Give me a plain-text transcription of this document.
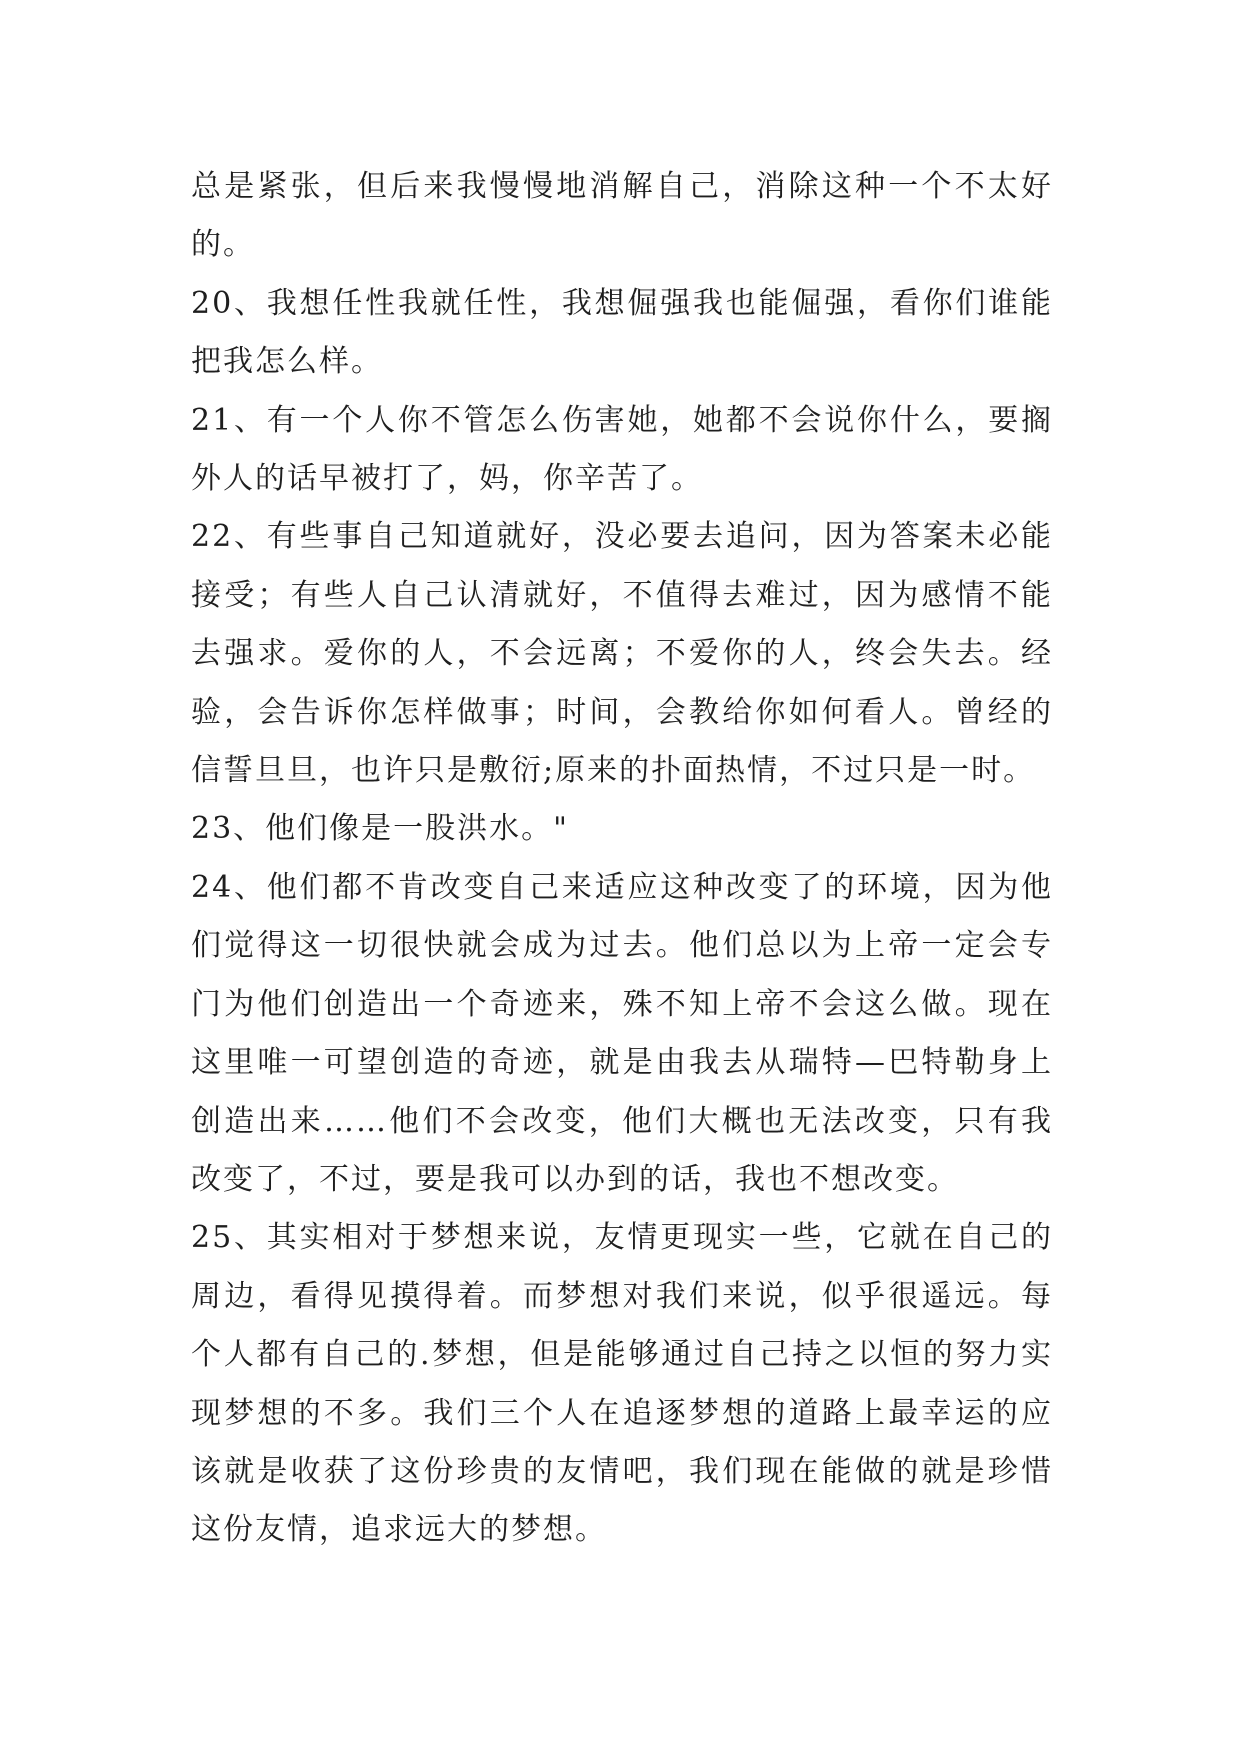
总是紧张，但后来我慢慢地消解自己，消除这种一个不太好的。

20、我想任性我就任性，我想倔强我也能倔强，看你们谁能把我怎么样。

21、有一个人你不管怎么伤害她，她都不会说你什么，要搁外人的话早被打了，妈，你辛苦了。

22、有些事自己知道就好，没必要去追问，因为答案未必能接受；有些人自己认清就好，不值得去难过，因为感情不能去强求。爱你的人，不会远离；不爱你的人，终会失去。经验，会告诉你怎样做事；时间，会教给你如何看人。曾经的信誓旦旦，也许只是敷衍;原来的扑面热情，不过只是一时。

23、他们像是一股洪水。"

24、他们都不肯改变自己来适应这种改变了的环境，因为他们觉得这一切很快就会成为过去。他们总以为上帝一定会专门为他们创造出一个奇迹来，殊不知上帝不会这么做。现在这里唯一可望创造的奇迹，就是由我去从瑞特—巴特勒身上创造出来……他们不会改变，他们大概也无法改变，只有我改变了，不过，要是我可以办到的话，我也不想改变。

25、其实相对于梦想来说，友情更现实一些，它就在自己的周边，看得见摸得着。而梦想对我们来说，似乎很遥远。每个人都有自己的.梦想，但是能够通过自己持之以恒的努力实现梦想的不多。我们三个人在追逐梦想的道路上最幸运的应该就是收获了这份珍贵的友情吧，我们现在能做的就是珍惜这份友情，追求远大的梦想。
